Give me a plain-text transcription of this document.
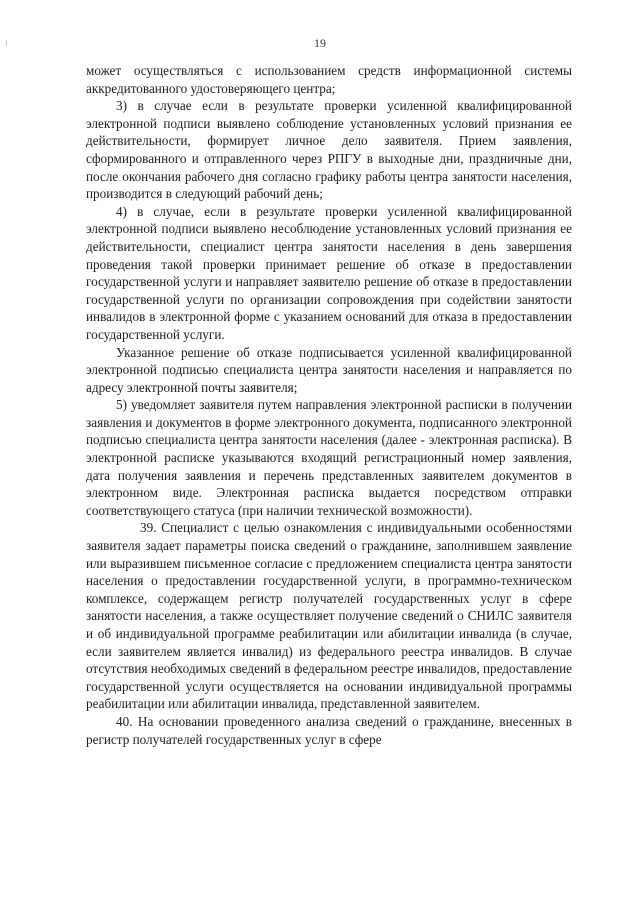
19

может осуществляться с использованием средств информационной системы аккредитованного удостоверяющего центра;

3) в случае если в результате проверки усиленной квалифицированной электронной подписи выявлено соблюдение установленных условий признания ее действительности, формирует личное дело заявителя. Прием заявления, сформированного и отправленного через РПГУ в выходные дни, праздничные дни, после окончания рабочего дня согласно графику работы центра занятости населения, производится в следующий рабочий день;

4) в случае, если в результате проверки усиленной квалифицированной электронной подписи выявлено несоблюдение установленных условий признания ее действительности, специалист центра занятости населения в день завершения проведения такой проверки принимает решение об отказе в предоставлении государственной услуги и направляет заявителю решение об отказе в предоставлении государственной услуги по организации сопровождения при содействии занятости инвалидов в электронной форме с указанием оснований для отказа в предоставлении государственной услуги.

Указанное решение об отказе подписывается усиленной квалифицированной электронной подписью специалиста центра занятости населения и направляется по адресу электронной почты заявителя;

5) уведомляет заявителя путем направления электронной расписки в получении заявления и документов в форме электронного документа, подписанного электронной подписью специалиста центра занятости населения (далее - электронная расписка). В электронной расписке указываются входящий регистрационный номер заявления, дата получения заявления и перечень представленных заявителем документов в электронном виде. Электронная расписка выдается посредством отправки соответствующего статуса (при наличии технической возможности).

39. Специалист с целью ознакомления с индивидуальными особенностями заявителя задает параметры поиска сведений о гражданине, заполнившем заявление или выразившем письменное согласие с предложением специалиста центра занятости населения о предоставлении государственной услуги, в программно-техническом комплексе, содержащем регистр получателей государственных услуг в сфере занятости населения, а также осуществляет получение сведений о СНИЛС заявителя и об индивидуальной программе реабилитации или абилитации инвалида (в случае, если заявителем является инвалид) из федерального реестра инвалидов. В случае отсутствия необходимых сведений в федеральном реестре инвалидов, предоставление государственной услуги осуществляется на основании индивидуальной программы реабилитации или абилитации инвалида, представленной заявителем.

40. На основании проведенного анализа сведений о гражданине, внесенных в регистр получателей государственных услуг в сфере
